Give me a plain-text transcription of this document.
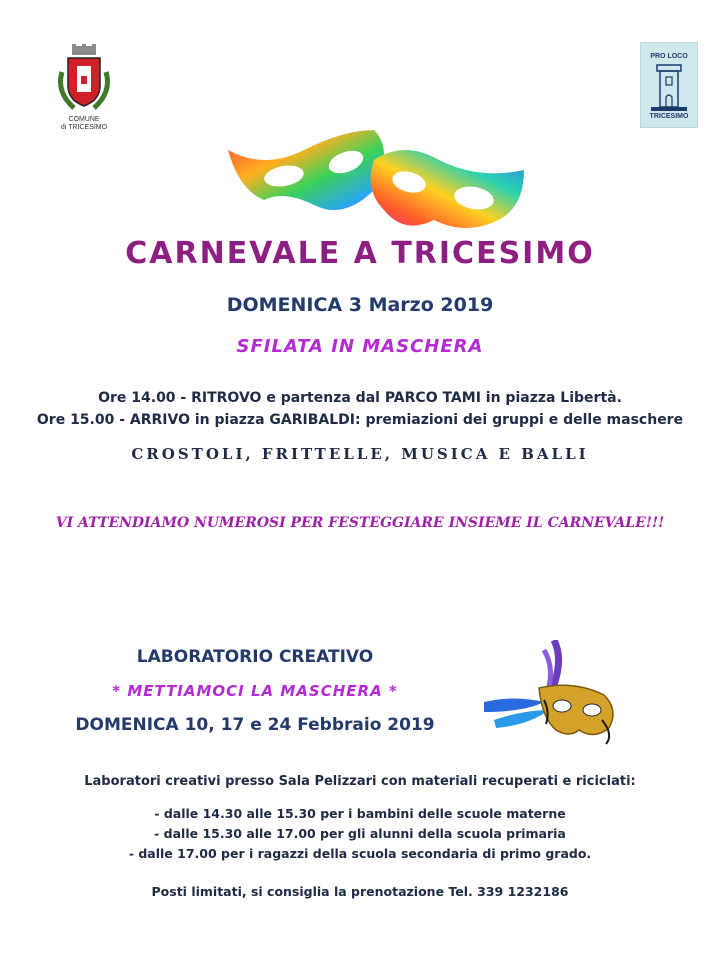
COMUNE
di TRICESIMO
PRO LOCO
TRICESIMO
CARNEVALE A TRICESIMO
DOMENICA 3 Marzo 2019
SFILATA IN MASCHERA
Ore 14.00 - RITROVO e partenza dal PARCO TAMI in piazza Libertà.
Ore 15.00 - ARRIVO in piazza GARIBALDI: premiazioni dei gruppi e delle maschere
CROSTOLI, FRITTELLE, MUSICA E BALLI
VI ATTENDIAMO NUMEROSI PER FESTEGGIARE INSIEME IL CARNEVALE!!!
LABORATORIO CREATIVO
* METTIAMOCI LA MASCHERA *
DOMENICA 10, 17 e 24 Febbraio 2019
Laboratori creativi presso Sala Pelizzari con materiali recuperati e riciclati:
- dalle 14.30 alle 15.30 per i bambini delle scuole materne
- dalle 15.30 alle 17.00 per gli alunni della scuola primaria
- dalle 17.00 per i ragazzi della scuola secondaria di primo grado.
Posti limitati, si consiglia la prenotazione Tel. 339 1232186
